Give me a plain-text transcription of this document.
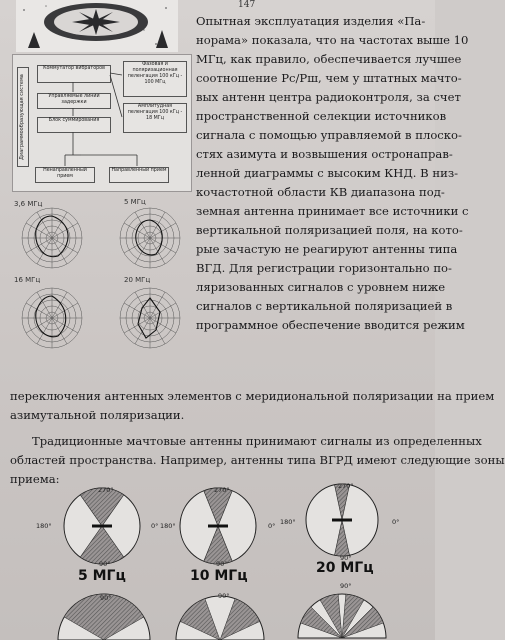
147
Диаграммообразующая система
Коммутатор вибраторов
Управляемые линии задержки
Блок суммирования
Фазовая и поляризационная пеленгация 100 кГц - 100 МГц
Амплитудная пеленгация 100 кГц - 18 МГц
Ненаправленный прием
Направленный прием
3,6 МГц	5 МГц
16 МГц	20 МГц
Опытная эксплуатация изделия «Па-
норама» показала, что на частотах выше 10
МГц, как правило, обеспечивается лучшее
соотношение Pc/Pш, чем у штатных мачто-
вых антенн центра радиоконтроля, за счет
пространственной селекции источников
сигнала с помощью управляемой в плоско-
стях азимута и возвышения остронаправ-
ленной диаграммы с высоким КНД. В низ-
кочастотной области КВ диапазона под-
земная антенна принимает все источники с
вертикальной поляризацией поля, на кото-
рые зачастую не реагируют антенны типа
ВГД. Для регистрации горизонтально по-
ляризованных сигналов с уровнем ниже
сигналов с вертикальной поляризацией в
программное обеспечение вводится режим
переключения антенных элементов с меридиональной поляризации на прием
азимутальной поляризации.
Традиционные мачтовые антенны принимают сигналы из определенных
областей пространства. Например, антенны типа ВГРД имеют следующие зоны
приема:
270°
180°	0°
90°
270°
180°	0°
90°
270°
180°	0°
90°
5 МГц	10 МГц	20 МГц
90°	90°
90°
